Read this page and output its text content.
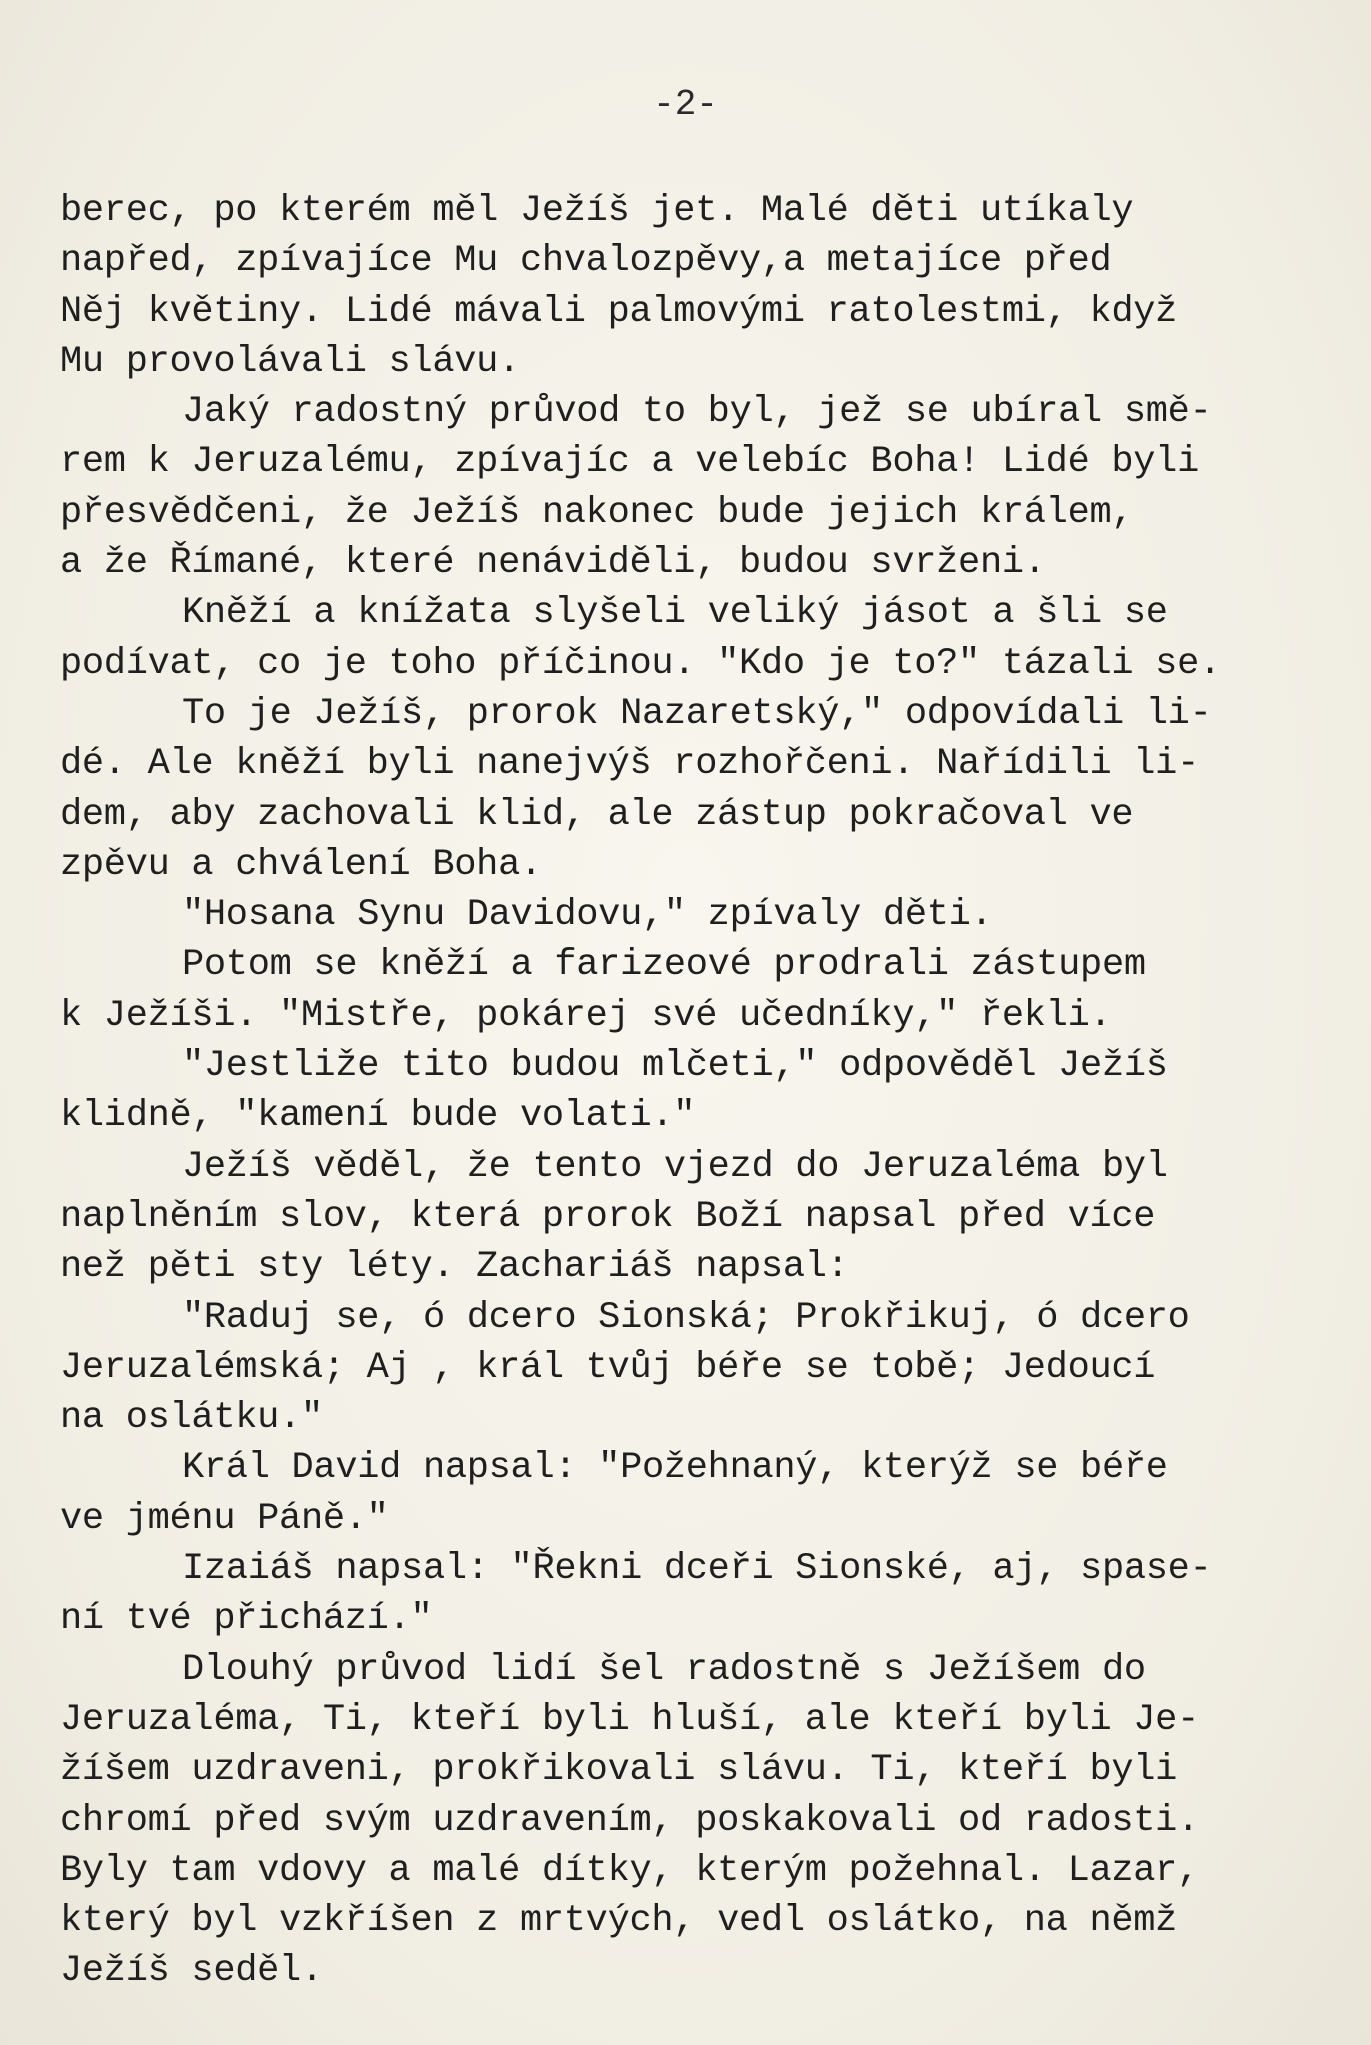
-2-
berec, po kterém měl Ježíš jet. Malé děti utíkaly
napřed, zpívajíce Mu chvalozpěvy,a metajíce před
Něj květiny. Lidé mávali palmovými ratolestmi, když
Mu provolávali slávu.
Jaký radostný průvod to byl, jež se ubíral smě-
rem k Jeruzalému, zpívajíc a velebíc Boha! Lidé byli
přesvědčeni, že Ježíš nakonec bude jejich králem,
a že Římané, které nenáviděli, budou svrženi.
Kněží a knížata slyšeli veliký jásot a šli se
podívat, co je toho příčinou. "Kdo je to?" tázali se.
To je Ježíš, prorok Nazaretský," odpovídali li-
dé. Ale kněží byli nanejvýš rozhořčeni. Nařídili li-
dem, aby zachovali klid, ale zástup pokračoval ve
zpěvu a chválení Boha.
"Hosana Synu Davidovu," zpívaly děti.
Potom se kněží a farizeové prodrali zástupem
k Ježíši. "Mistře, pokárej své učedníky," řekli.
"Jestliže tito budou mlčeti," odpověděl Ježíš
klidně, "kamení bude volati."
Ježíš věděl, že tento vjezd do Jeruzaléma byl
naplněním slov, která prorok Boží napsal před více
než pěti sty léty. Zachariáš napsal:
"Raduj se, ó dcero Sionská; Prokřikuj, ó dcero
Jeruzalémská; Aj , král tvůj béře se tobě; Jedoucí
na oslátku."
Král David napsal: "Požehnaný, kterýž se béře
ve jménu Páně."
Izaiáš napsal: "Řekni dceři Sionské, aj, spase-
ní tvé přichází."
Dlouhý průvod lidí šel radostně s Ježíšem do
Jeruzaléma, Ti, kteří byli hluší, ale kteří byli Je-
žíšem uzdraveni, prokřikovali slávu. Ti, kteří byli
chromí před svým uzdravením, poskakovali od radosti.
Byly tam vdovy a malé dítky, kterým požehnal. Lazar,
který byl vzkříšen z mrtvých, vedl oslátko, na němž
Ježíš seděl.
